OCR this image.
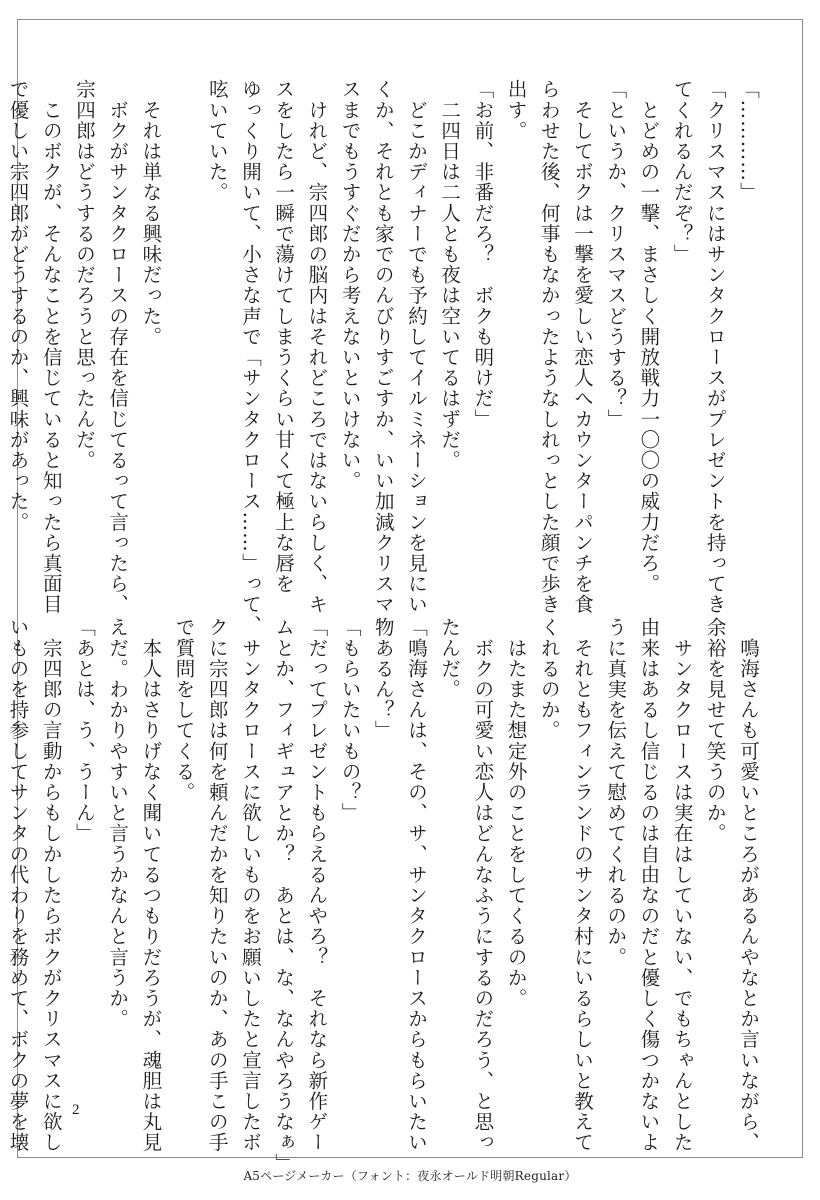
「…………」

「クリスマスにはサンタクロースがプレゼントを持ってき

てくれるんだぞ？」

　とどめの一撃、まさしく開放戦力一〇〇の威力だろ。

「というか、クリスマスどうする？」

　そしてボクは一撃を愛しい恋人へカウンターパンチを食

らわせた後、何事もなかったようなしれっとした顔で歩き

出す。

「お前、非番だろ？　ボクも明けだ」

　二四日は二人とも夜は空いてるはずだ。

　どこかディナーでも予約してイルミネーションを見にい

くか、それとも家でのんびりすごすか、いい加減クリスマ

スまでもうすぐだから考えないといけない。

　けれど、宗四郎の脳内はそれどころではないらしく、キ

スをしたら一瞬で蕩けてしまうくらい甘くて極上な唇を

ゆっくり開いて、小さな声で「サンタクロース……」って、

呟いていた。

　それは単なる興味だった。

　ボクがサンタクロースの存在を信じてるって言ったら、

宗四郎はどうするのだろうと思ったんだ。

　このボクが、そんなことを信じていると知ったら真面目

で優しい宗四郎がどうするのか、興味があった。

　鳴海さんも可愛いところがあるんやなとか言いながら、

余裕を見せて笑うのか。

　サンタクロースは実在はしていない、でもちゃんとした

由来はあるし信じるのは自由なのだと優しく傷つかないよ

うに真実を伝えて慰めてくれるのか。

　それともフィンランドのサンタ村にいるらしいと教えて

くれるのか。

　はたまた想定外のことをしてくるのか。

　ボクの可愛い恋人はどんなふうにするのだろう、と思っ

たんだ。

「鳴海さんは、その、サ、サンタクロースからもらいたい

物あるん？」

「もらいたいもの？」

「だってプレゼントもらえるんやろ？　それなら新作ゲー

ムとか、フィギュアとか？　あとは、な、なんやろうなぁ」

　サンタクロースに欲しいものをお願いしたと宣言したボ

クに宗四郎は何を頼んだかを知りたいのか、あの手この手

で質問をしてくる。

　本人はさりげなく聞いてるつもりだろうが、魂胆は丸見

えだ。わかりやすいと言うかなんと言うか。

「あとは、う、うーん」

　宗四郎の言動からもしかしたらボクがクリスマスに欲し

いものを持参してサンタの代わりを務めて、ボクの夢を壊	2
A5ページメーカー（フォント：夜永オールド明朝Regular）
